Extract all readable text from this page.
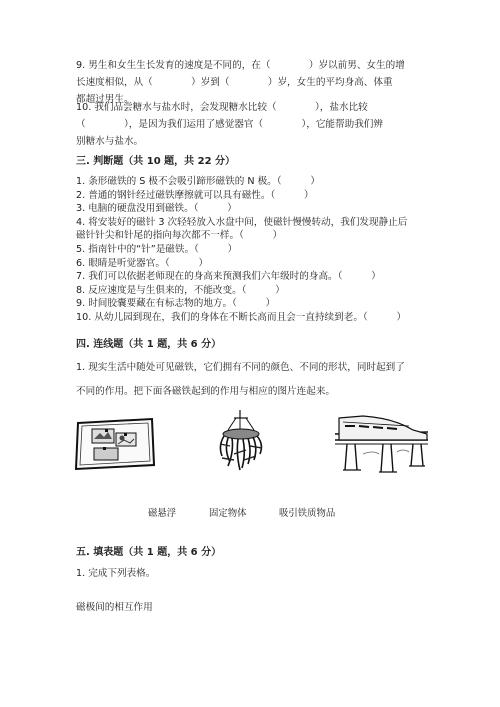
9. 男生和女生生长发育的速度是不同的，在（　　　　）岁以前男、女生的增
长速度相似，从（　　　　）岁到（　　　　）岁，女生的平均身高、体重
都超过男生。
10. 我们品尝糖水与盐水时，会发现糖水比较（　　　　），盐水比较
（　　　　），是因为我们运用了感觉器官（　　　　），它能帮助我们辨
别糖水与盐水。
三. 判断题（共 10 题，共 22 分）
1. 条形磁铁的 S 极不会吸引蹄形磁铁的 N 极。（　　　）
2. 普通的钢针经过磁铁摩擦就可以具有磁性。（　　　）
3. 电脑的硬盘没用到磁铁。（　　　）
4. 将安装好的磁针 3 次轻轻放入水盘中间，使磁针慢慢转动，我们发现静止后
磁针针尖和针尾的指向每次都不一样。（　　　）
5. 指南针中的“针”是磁铁。（　　　）
6. 眼睛是听觉器官。（　　　）
7. 我们可以依据老师现在的身高来预测我们六年级时的身高。（　　　）
8. 反应速度是与生俱来的，不能改变。（　　　）
9. 时间胶囊要藏在有标志物的地方。（　　　）
10. 从幼儿园到现在，我们的身体在不断长高而且会一直持续到老。（　　　）
四. 连线题（共 1 题，共 6 分）
1. 现实生活中随处可见磁铁，它们拥有不同的颜色、不同的形状，同时起到了
不同的作用。把下面各磁铁起到的作用与相应的图片连起来。
磁悬浮	固定物体	吸引铁质物品
五. 填表题（共 1 题，共 6 分）
1. 完成下列表格。
磁极间的相互作用
